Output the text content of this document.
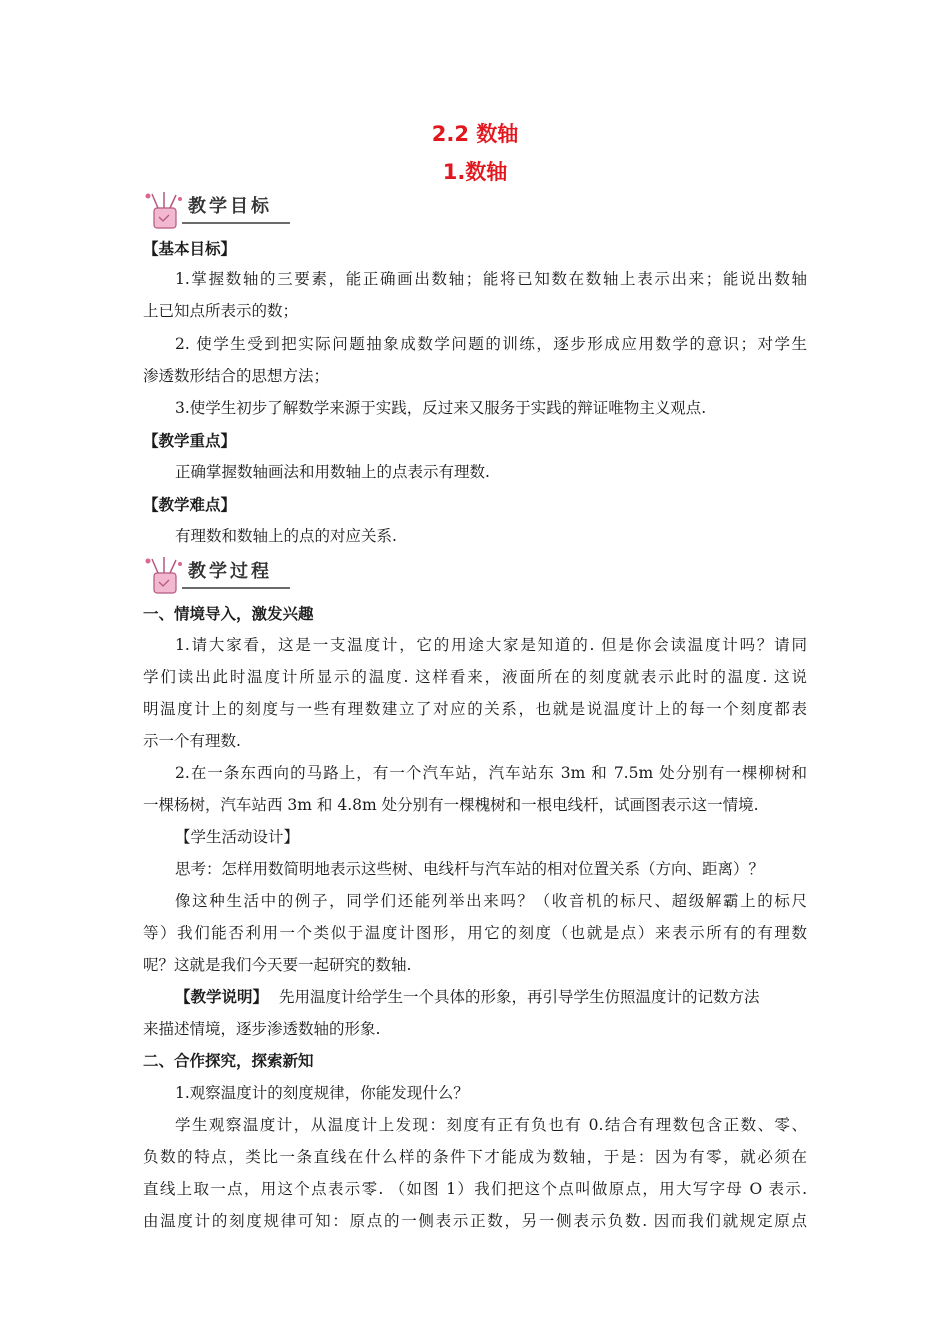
2.2 数轴
1.数轴
教学目标
教学过程
【基本目标】
1.掌握数轴的三要素，能正确画出数轴；能将已知数在数轴上表示出来；能说出数轴
上已知点所表示的数；
2. 使学生受到把实际问题抽象成数学问题的训练，逐步形成应用数学的意识；对学生
渗透数形结合的思想方法；
3.使学生初步了解数学来源于实践，反过来又服务于实践的辩证唯物主义观点.
【教学重点】
正确掌握数轴画法和用数轴上的点表示有理数.
【教学难点】
有理数和数轴上的点的对应关系.
一、情境导入，激发兴趣
1.请大家看，这是一支温度计，它的用途大家是知道的. 但是你会读温度计吗？请同
学们读出此时温度计所显示的温度. 这样看来，液面所在的刻度就表示此时的温度. 这说
明温度计上的刻度与一些有理数建立了对应的关系，也就是说温度计上的每一个刻度都表
示一个有理数.
2.在一条东西向的马路上，有一个汽车站，汽车站东 3m 和 7.5m 处分别有一棵柳树和
一棵杨树，汽车站西 3m 和 4.8m 处分别有一棵槐树和一根电线杆，试画图表示这一情境.
【学生活动设计】
思考：怎样用数简明地表示这些树、电线杆与汽车站的相对位置关系（方向、距离）？
像这种生活中的例子，同学们还能列举出来吗？（收音机的标尺、超级解霸上的标尺
等）我们能否利用一个类似于温度计图形，用它的刻度（也就是点）来表示所有的有理数
呢？这就是我们今天要一起研究的数轴.
【教学说明】 先用温度计给学生一个具体的形象，再引导学生仿照温度计的记数方法
来描述情境，逐步渗透数轴的形象.
二、合作探究，探索新知
1.观察温度计的刻度规律，你能发现什么？
学生观察温度计，从温度计上发现：刻度有正有负也有 0.结合有理数包含正数、零、
负数的特点，类比一条直线在什么样的条件下才能成为数轴，于是：因为有零，就必须在
直线上取一点，用这个点表示零. （如图 1）我们把这个点叫做原点，用大写字母 O 表示.
由温度计的刻度规律可知：原点的一侧表示正数，另一侧表示负数. 因而我们就规定原点
